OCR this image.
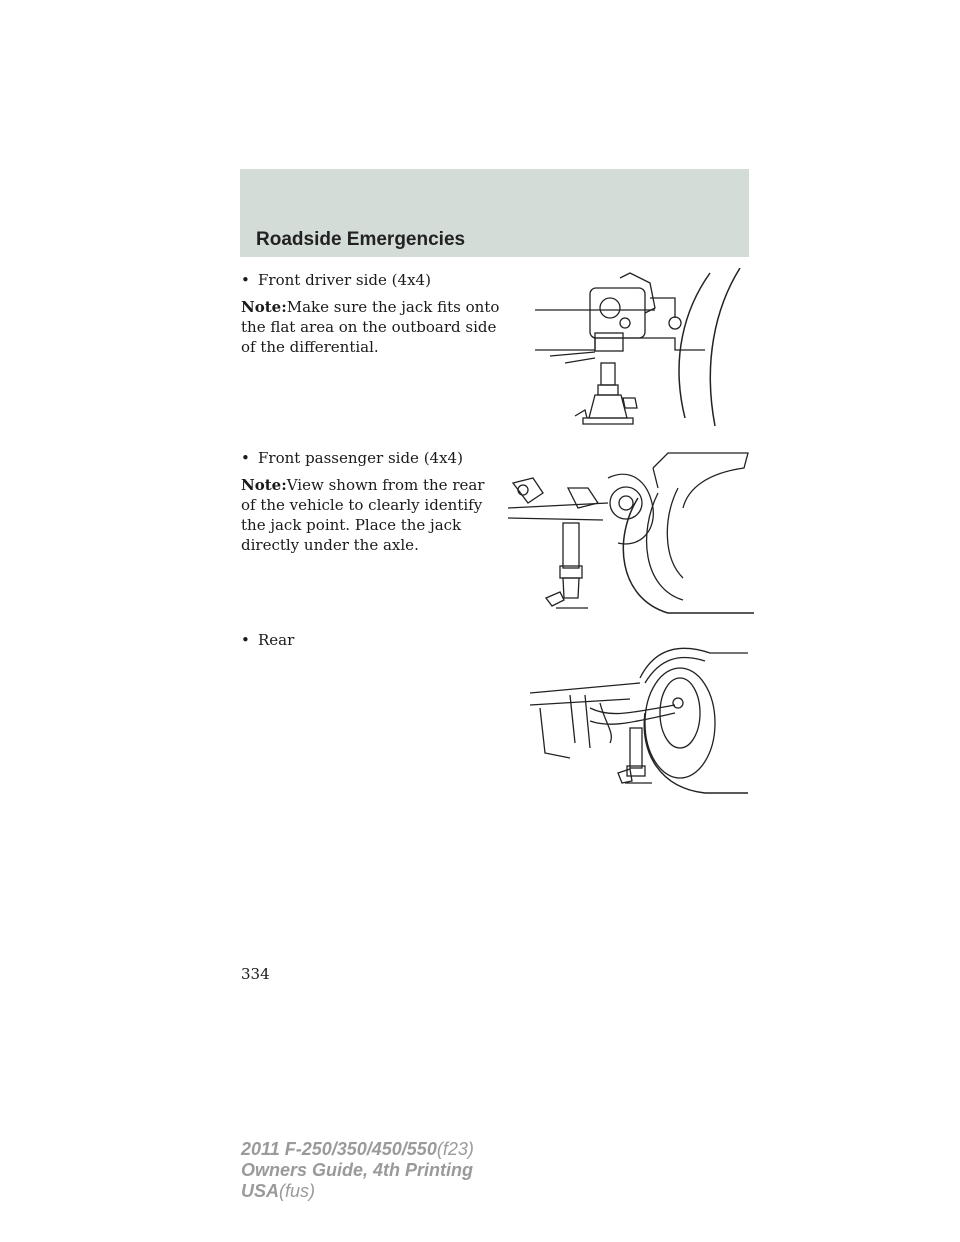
Roadside Emergencies

• Front driver side (4x4)

Note:Make sure the jack fits onto the flat area on the outboard side of the differential.

• Front passenger side (4x4)

Note:View shown from the rear of the vehicle to clearly identify the jack point. Place the jack directly under the axle.

• Rear

334
2011 F-250/350/450/550(f23)
Owners Guide, 4th Printing
USA(fus)
